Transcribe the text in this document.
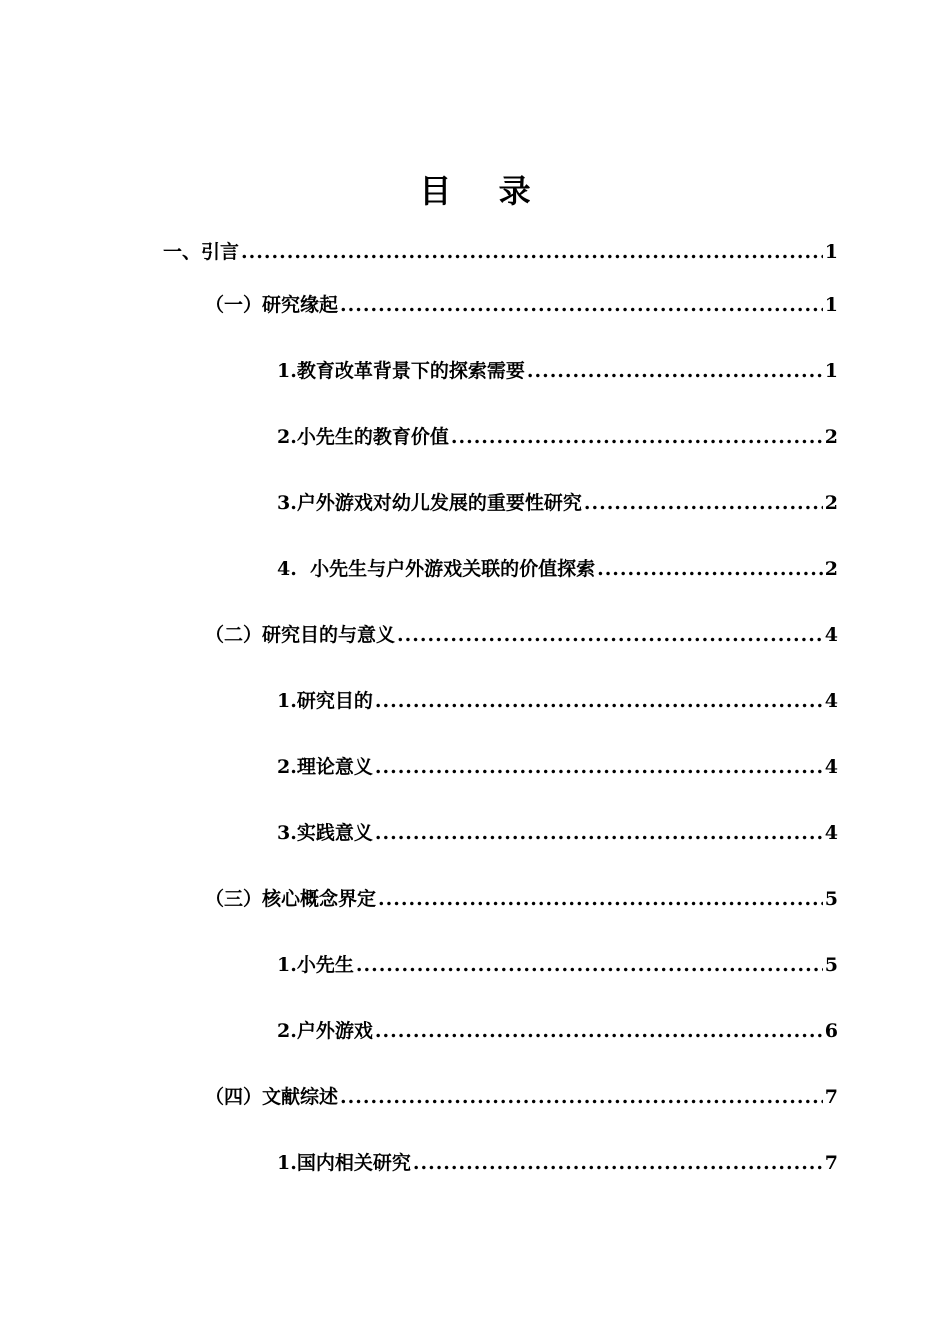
目 录
一、引言 .....	1
（一）研究缘起 .....	1
1.教育改革背景下的探索需要 .....	1
2.小先生的教育价值 .....	2
3.户外游戏对幼儿发展的重要性研究 .....	2
4.  小先生与户外游戏关联的价值探索 .....	2
（二）研究目的与意义 .....	4
1.研究目的 .....	4
2.理论意义 .....	4
3.实践意义 .....	4
（三）核心概念界定 .....	5
1.小先生 .....	5
2.户外游戏 .....	6
（四）文献综述 .....	7
1.国内相关研究 .....	7
